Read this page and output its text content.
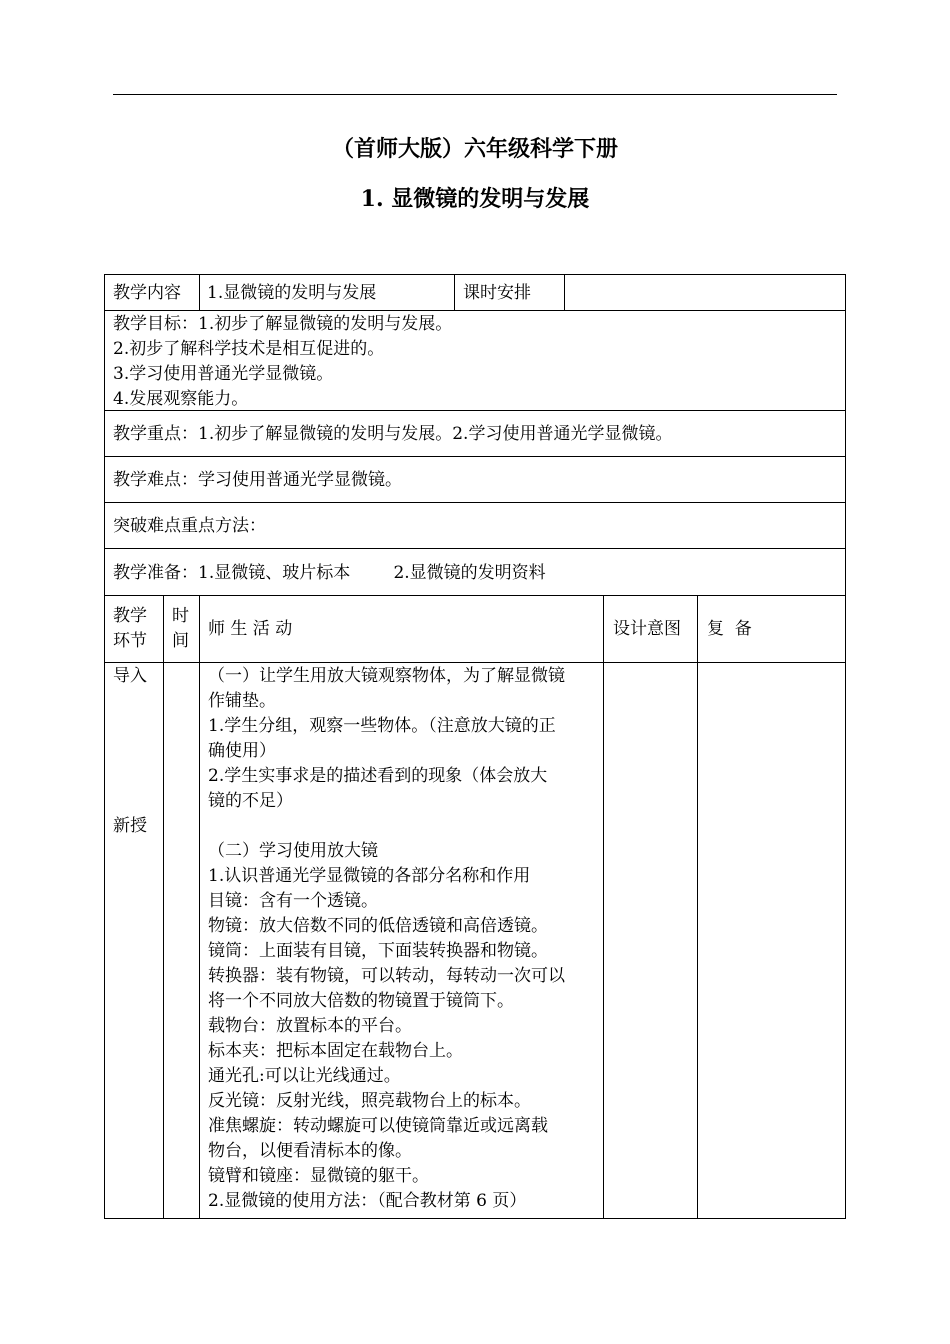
（首师大版）六年级科学下册
1. 显微镜的发明与发展
教学内容 1.显微镜的发明与发展	课时安排

教学目标：1.初步了解显微镜的发明与发展。

2.初步了解科学技术是相互促进的。

3.学习使用普通光学显微镜。

4.发展观察能力。

教学重点：1.初步了解显微镜的发明与发展。2.学习使用普通光学显微镜。
教学难点：学习使用普通光学显微镜。
突破难点重点方法：
教学准备：1.显微镜、玻片标本        2.显微镜的发明资料

教学

环节

时

间

师 生 活 动	设计意图 复  备
导入
新授

（一）让学生用放大镜观察物体，为了解显微镜

作铺垫。

1.学生分组，观察一些物体。（注意放大镜的正

确使用）

2.学生实事求是的描述看到的现象（体会放大

镜的不足）

（二）学习使用放大镜

1.认识普通光学显微镜的各部分名称和作用

目镜：含有一个透镜。

物镜：放大倍数不同的低倍透镜和高倍透镜。

镜筒：上面装有目镜，下面装转换器和物镜。

转换器：装有物镜，可以转动，每转动一次可以

将一个不同放大倍数的物镜置于镜筒下。

载物台：放置标本的平台。

标本夹：把标本固定在载物台上。

通光孔:可以让光线通过。

反光镜：反射光线，照亮载物台上的标本。

准焦螺旋：转动螺旋可以使镜筒靠近或远离载

物台，以便看清标本的像。

镜臂和镜座：显微镜的躯干。

2.显微镜的使用方法：（配合教材第 6 页）
